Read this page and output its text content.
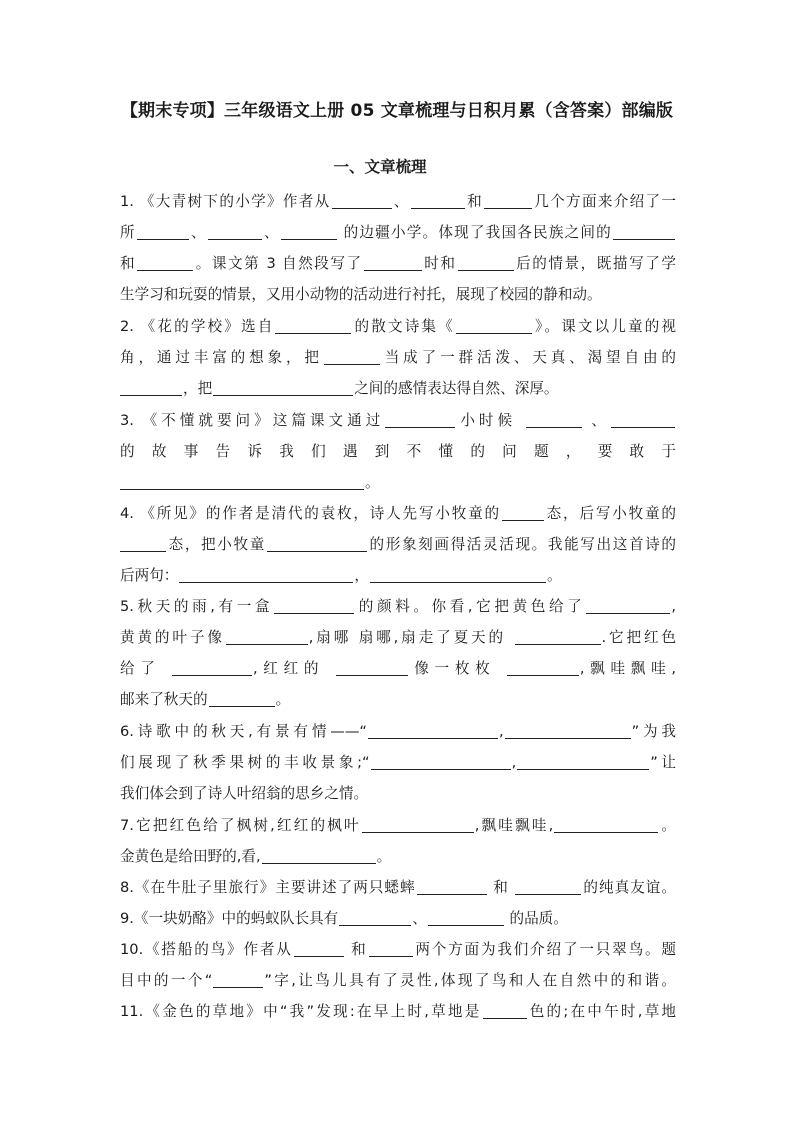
【期末专项】三年级语文上册 05 文章梳理与日积月累（含答案）部编版
一、文章梳理
1. 《大青树下的小学》作者从	、	和	几个方面来介绍了一
所	、	、	的边疆小学。体现了我国各民族之间的
和	。课文第 3 自然段写了	时和	后的情景，既描写了学
生学习和玩耍的情景，又用小动物的活动进行衬托，展现了校园的静和动。
2. 《花的学校》选自	的散文诗集《	》。课文以儿童的视
角，通过丰富的想象，把	当成了一群活泼、天真、渴望自由的
，把	之间的感情表达得自然、深厚。
3. 《不懂就要问》这篇课文通过	小时候	、
的 故 事 告 诉 我 们 遇 到 不 懂 的 问 题 ， 要 敢 于
。
4. 《所见》的作者是清代的袁枚，诗人先写小牧童的	态，后写小牧童的
态，把小牧童	的形象刻画得活灵活现。我能写出这首诗的
后两句：	，	。
5.秋天的雨,有一盒	的颜料。你看,它把黄色给了	,
黄黄的叶子像	,扇哪 扇哪,扇走了夏天的	.它把红色
给了	,红红的	像一枚枚	,飘哇飘哇,
邮来了秋天的	。
6.诗歌中的秋天,有景有情——“	,	”为我
们展现了秋季果树的丰收景象;“	,	”让
我们体会到了诗人叶绍翁的思乡之情。
7.它把红色给了枫树,红红的枫叶	,飘哇飘哇,	。
金黄色是给田野的,看,	。
8.《在牛肚子里旅行》主要讲述了两只蟋蟀	和	的纯真友谊。
9.《一块奶酪》中的蚂蚁队长具有	、	的品质。
10.《搭船的鸟》作者从	和	两个方面为我们介绍了一只翠鸟。题
目中的一个“	”字,让鸟儿具有了灵性,体现了鸟和人在自然中的和谐。
11.《金色的草地》中“我”发现:在早上时,草地是	色的;在中午时,草地
